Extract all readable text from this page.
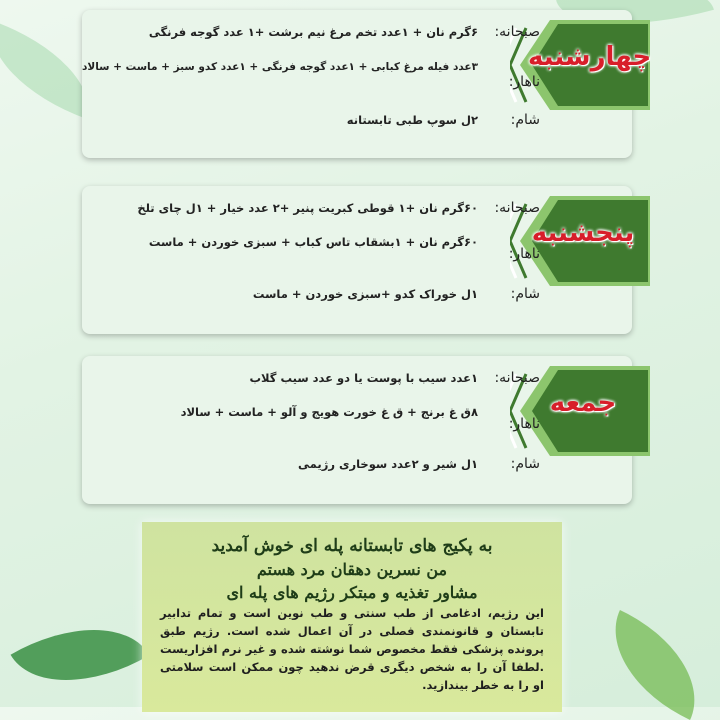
چهارشنبه
صبحانه:
۶گرم نان + ۱عدد تخم مرغ نیم برشت +۱ عدد گوجه فرنگی
ناهار:
۳عدد فیله مرغ کبابی + ۱عدد گوجه فرنگی + ۱عدد کدو سبز + ماست + سالاد
شام:
۲ل سوپ طبی تابستانه
پنجشنبه
صبحانه:
۶۰گرم نان +۱ قوطی کبریت پنیر +۲ عدد خیار + ۱ل چای تلخ
ناهار:
۶۰گرم نان + ۱بشقاب تاس کباب + سبزی خوردن + ماست
شام:
۱ل خوراک کدو +سبزی خوردن + ماست
جمعه
صبحانه:
۱عدد سیب با پوست یا دو عدد سیب گلاب
ناهار:
۸ق غ برنج + ق غ خورت هویج و آلو + ماست + سالاد
شام:
۱ل شیر و ۲عدد سوخاری رژیمی
به پکیج های تابستانه پله ای خوش آمدید
من نسرین دهقان مرد هستم
مشاور تغذیه و مبتکر رژیم های پله ای
این رژیم، ادغامی از طب سنتی و طب نوین است و تمام تدابیر تابستان و قانونمندی فصلی در آن اعمال شده است. رژیم طبق پرونده پزشکی فقط مخصوص شما نوشته شده و غیر نرم افزاریست .لطفا آن را به شخص دیگری قرض ندهید چون ممکن است سلامتی او را به خطر بیندازید.
